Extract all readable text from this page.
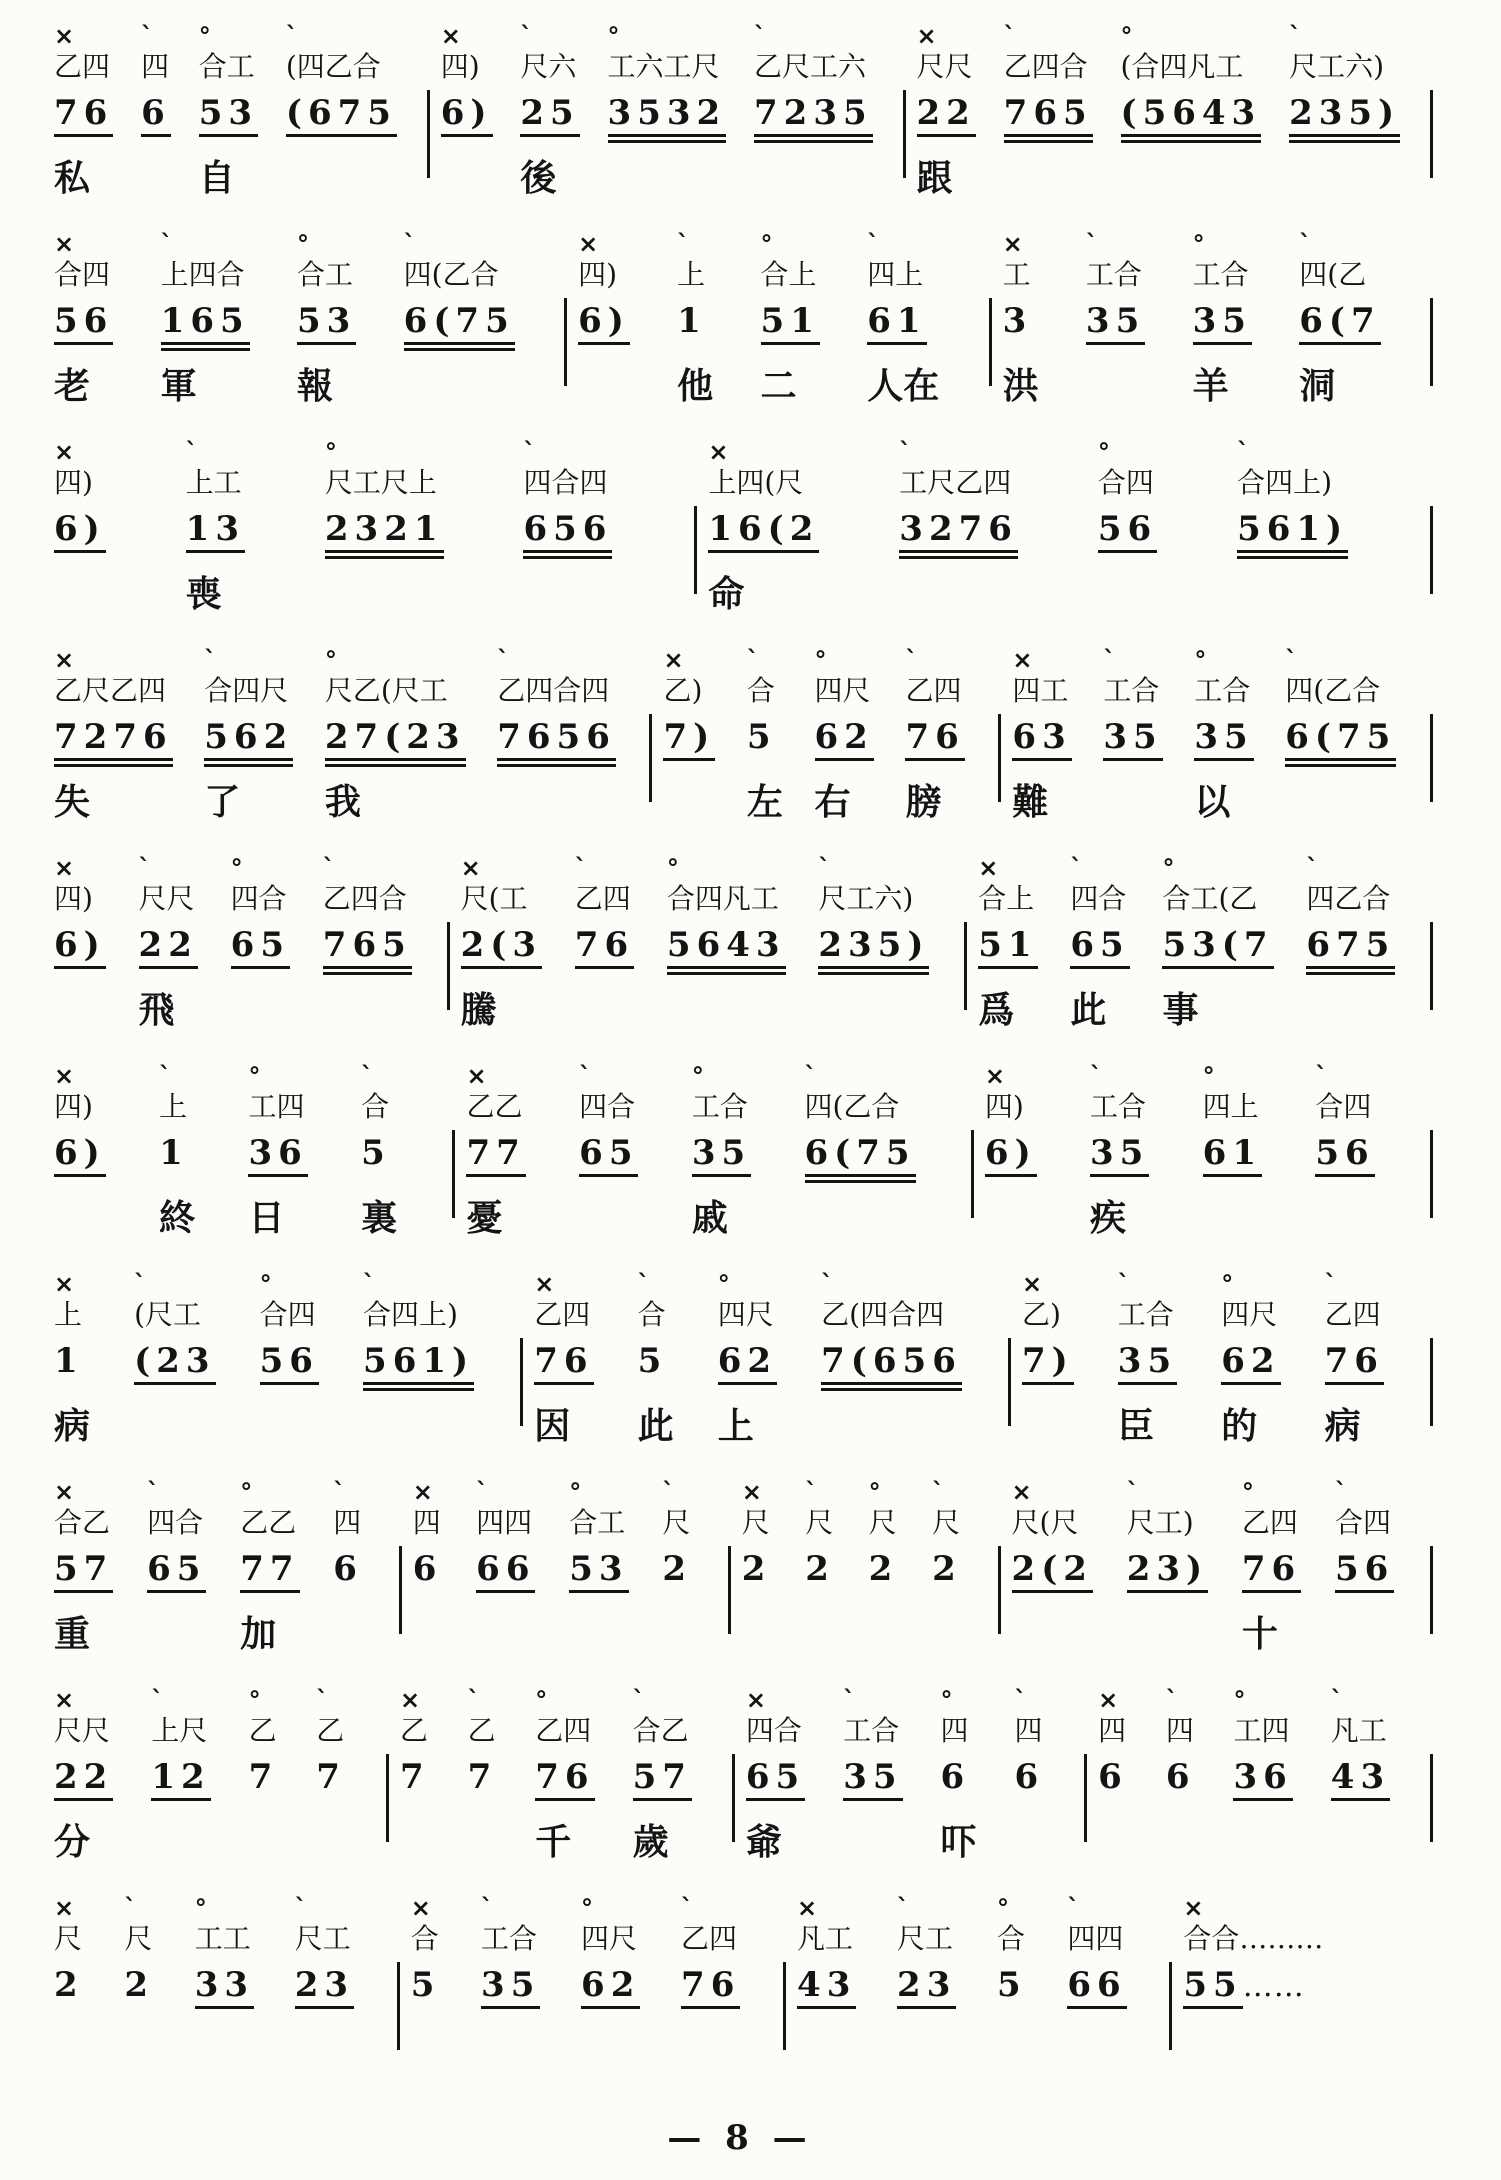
×
乙四
76
私
ˋ
四
6
°
合工
53
自
ˋ
(四乙合
(675
×
四)
6)
ˋ
尺六
25
後
°
工六工尺
3532
ˋ
乙尺工六
7235
×
尺尺
22
跟
ˋ
乙四合
765
°
(合四凡工
(5643
ˋ
尺工六)
235)
×
合四
56
老
ˋ
上四合
165
軍
°
合工
53
報
ˋ
四(乙合
6(75
×
四)
6)
ˋ
上
1
他
°
合上
51
二
ˋ
四上
61
人在
×
工
3
洪
ˋ
工合
35
°
工合
35
羊
ˋ
四(乙
6(7
洞
×
四)
6)
ˋ
上工
13
喪
°
尺工尺上
2321
ˋ
四合四
656
×
上四(尺
16(2
命
ˋ
工尺乙四
3276
°
合四
56
ˋ
合四上)
561)
×
乙尺乙四
7276
失
ˋ
合四尺
562
了
°
尺乙(尺工
27(23
我
ˋ
乙四合四
7656
×
乙)
7)
ˋ
合
5
左
°
四尺
62
右
ˋ
乙四
76
膀
×
四工
63
難
ˋ
工合
35
°
工合
35
以
ˋ
四(乙合
6(75
×
四)
6)
ˋ
尺尺
22
飛
°
四合
65
ˋ
乙四合
765
×
尺(工
2(3
騰
ˋ
乙四
76
°
合四凡工
5643
ˋ
尺工六)
235)
×
合上
51
爲
ˋ
四合
65
此
°
合工(乙
53(7
事
ˋ
四乙合
675
×
四)
6)
ˋ
上
1
終
°
工四
36
日
ˋ
合
5
裏
×
乙乙
77
憂
ˋ
四合
65
°
工合
35
戚
ˋ
四(乙合
6(75
×
四)
6)
ˋ
工合
35
疾
°
四上
61
ˋ
合四
56
×
上
1
病
ˋ
(尺工
(23
°
合四
56
ˋ
合四上)
561)
×
乙四
76
因
ˋ
合
5
此
°
四尺
62
上
ˋ
乙(四合四
7(656
×
乙)
7)
ˋ
工合
35
臣
°
四尺
62
的
ˋ
乙四
76
病
×
合乙
57
重
ˋ
四合
65
°
乙乙
77
加
ˋ
四
6
×
四
6
ˋ
四四
66
°
合工
53
ˋ
尺
2
×
尺
2
ˋ
尺
2
°
尺
2
ˋ
尺
2
×
尺(尺
2(2
ˋ
尺工)
23)
°
乙四
76
十
ˋ
合四
56
×
尺尺
22
分
ˋ
上尺
12
°
乙
7
ˋ
乙
7
×
乙
7
ˋ
乙
7
°
乙四
76
千
ˋ
合乙
57
歲
×
四合
65
爺
ˋ
工合
35
°
四
6
吓
ˋ
四
6
×
四
6
ˋ
四
6
°
工四
36
ˋ
凡工
43
×
尺
2
ˋ
尺
2
°
工工
33
ˋ
尺工
23
×
合
5
ˋ
工合
35
°
四尺
62
ˋ
乙四
76
×
凡工
43
ˋ
尺工
23
°
合
5
ˋ
四四
66
×
合合………
55……
— 8 —
